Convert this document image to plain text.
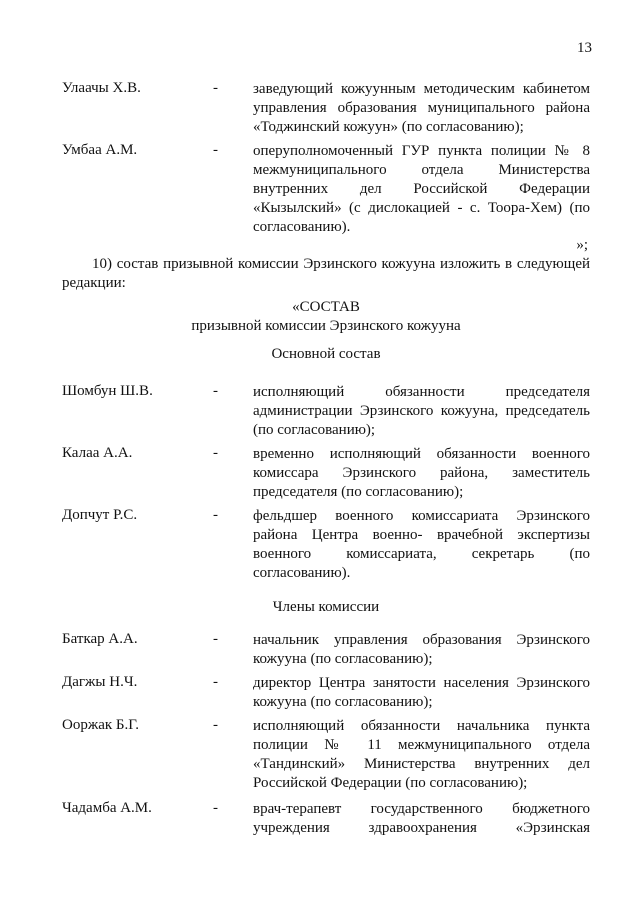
13
Улаачы Х.В.	- заведующий кожуунным методическим кабинетом управления образования муниципального района «Тоджинский кожуун» (по согласованию);
Умбаа А.М.	- оперуполномоченный ГУР пункта полиции № 8 межмуниципального отдела Министерства внутренних дел Российской Федерации «Кызылский» (с дислокацией - с. Тоора-Хем) (по согласованию).
»;
10) состав призывной комиссии Эрзинского кожууна изложить в следующей редакции:
«СОСТАВ
призывной комиссии Эрзинского кожууна
Основной состав
Шомбун Ш.В.	- исполняющий обязанности председателя администрации Эрзинского кожууна, председатель (по согласованию);
Калаа А.А.	- временно исполняющий обязанности военного комиссара Эрзинского района, заместитель председателя (по согласованию);
Допчут Р.С.	- фельдшер военного комиссариата Эрзинского района Центра военно- врачебной экспертизы военного комиссариата, секретарь (по согласованию).
Члены комиссии
Баткар А.А.	- начальник управления образования Эрзинского кожууна (по согласованию);
Дагжы Н.Ч.	- директор Центра занятости населения Эрзинского кожууна (по согласованию);
Ооржак Б.Г.	- исполняющий обязанности начальника пункта полиции № 11 межмуниципального отдела «Тандинский» Министерства внутренних дел Российской Федерации (по согласованию);
Чадамба А.М.	- врач-терапевт государственного бюджетного учреждения здравоохранения «Эрзинская
